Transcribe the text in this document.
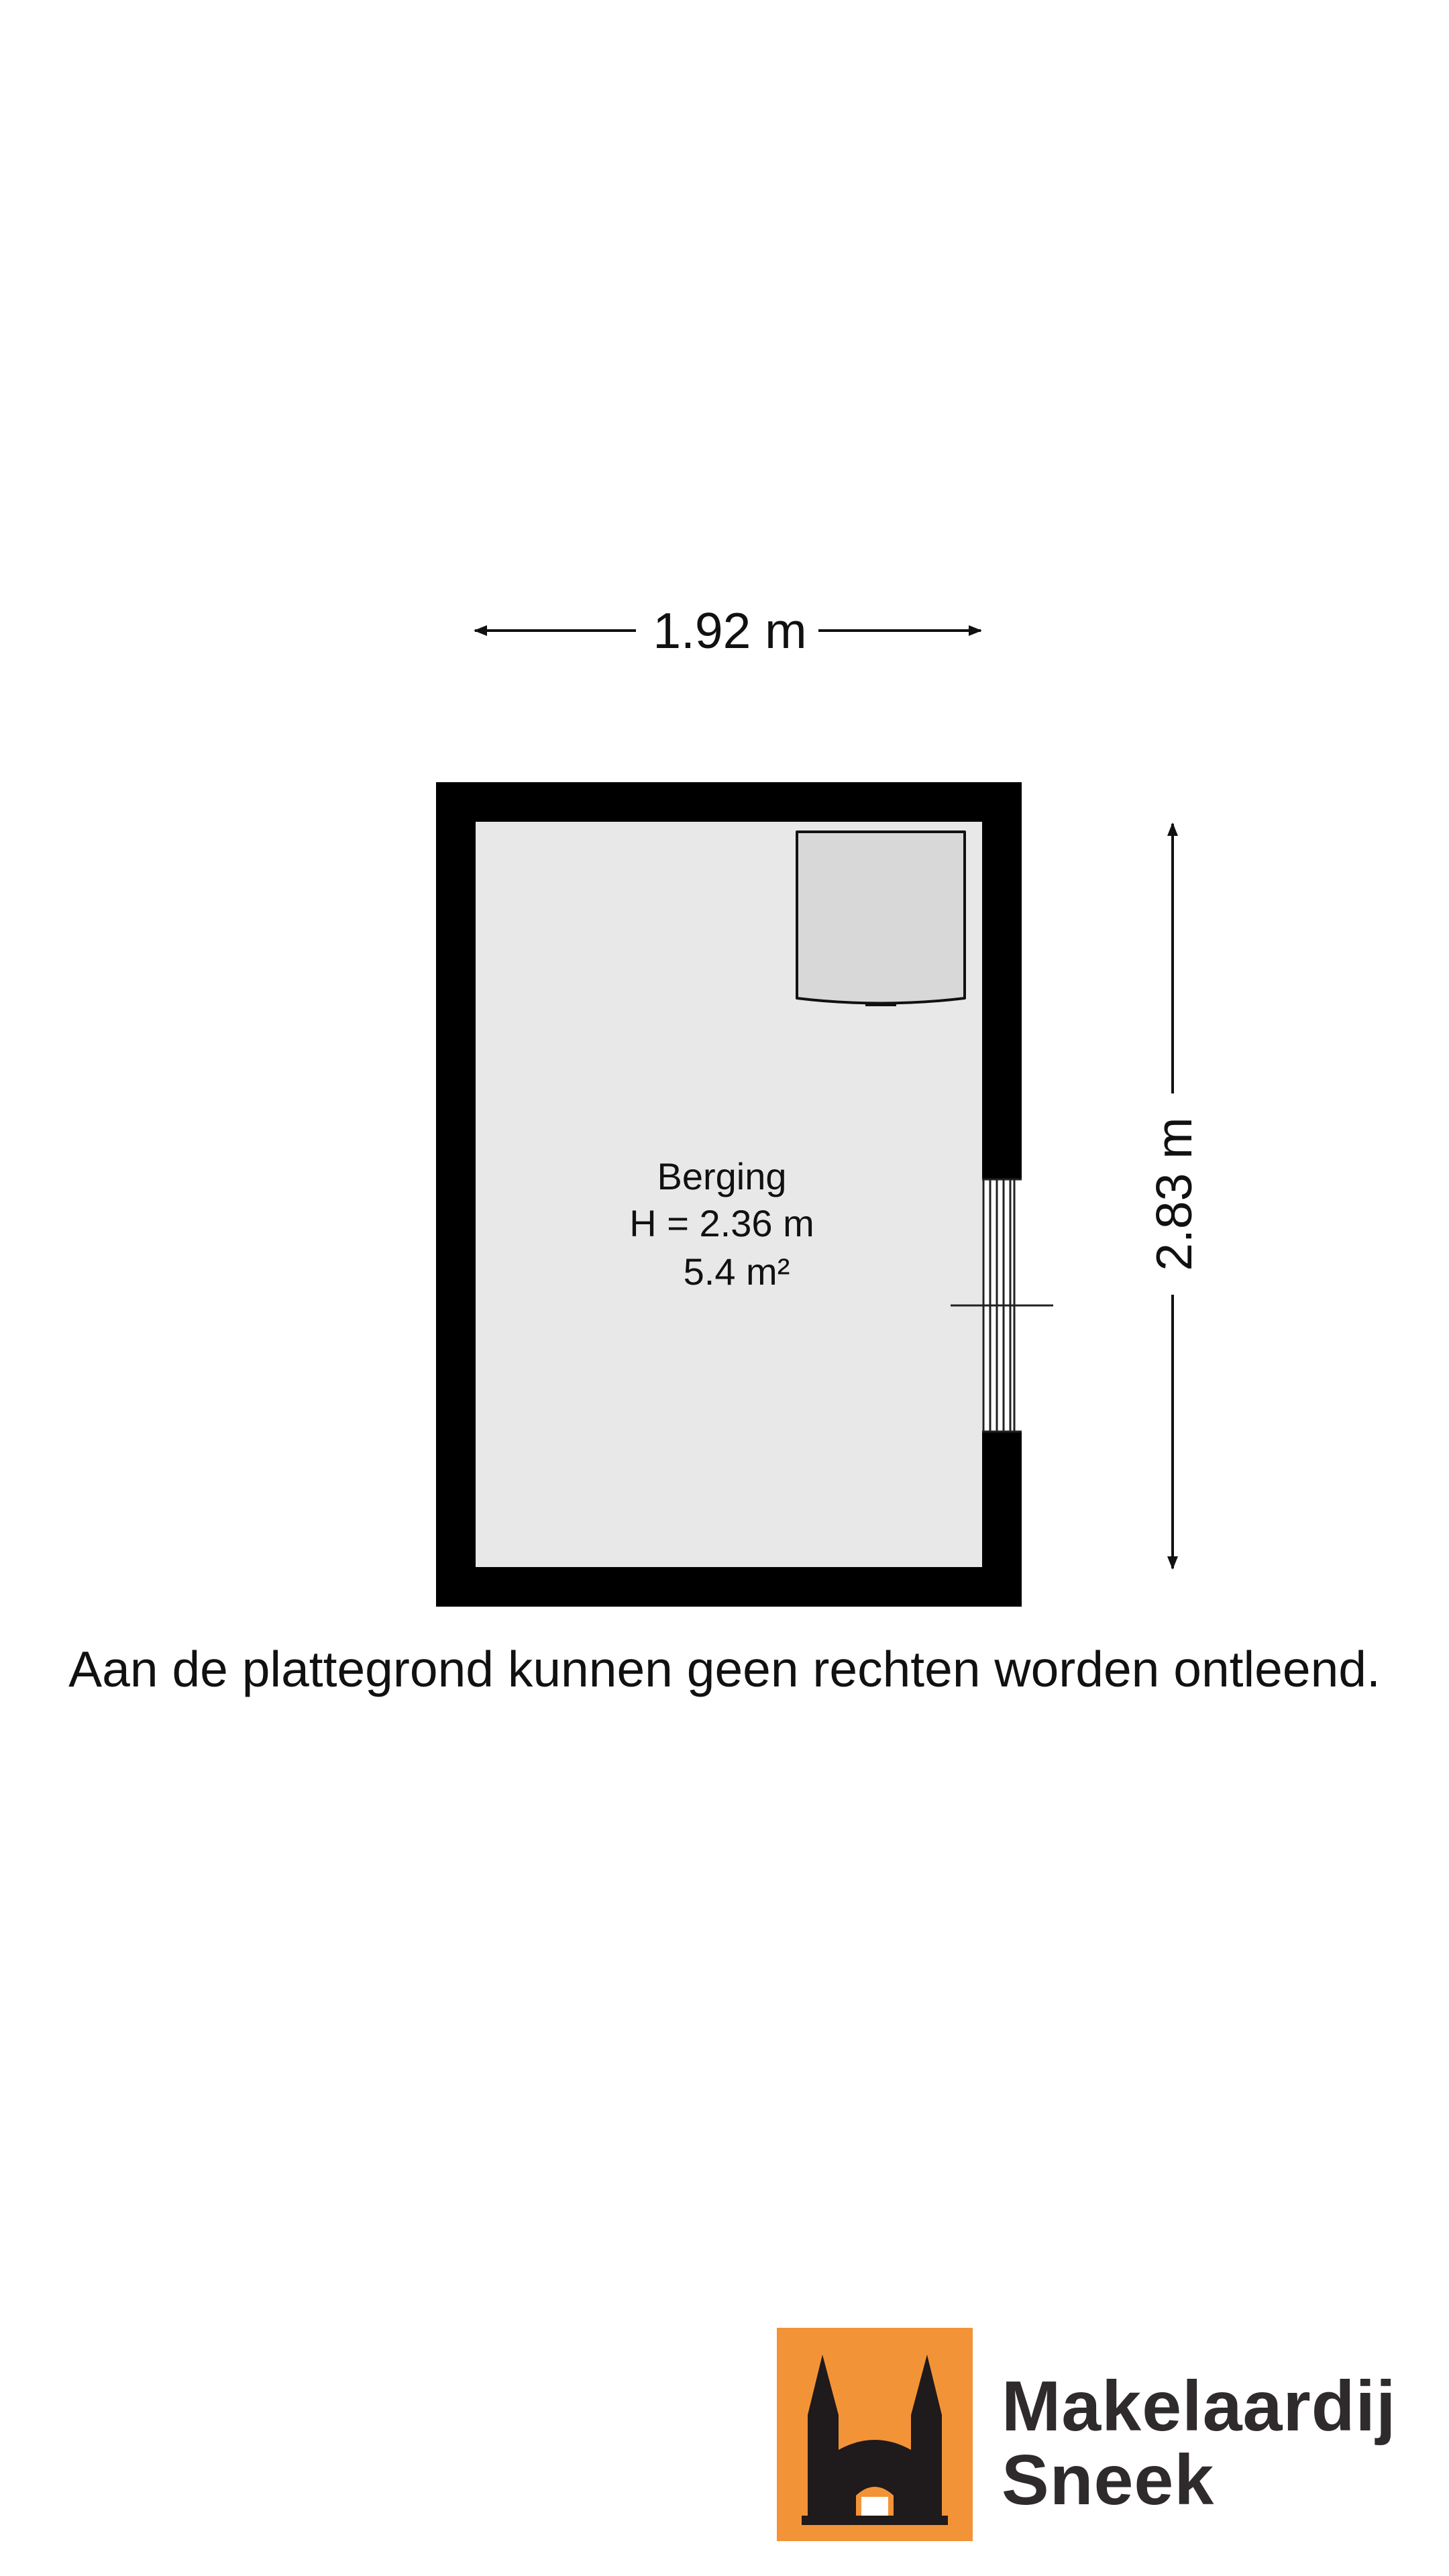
1.92 m
2.83 m
Berging
H = 2.36 m
5.4 m²
Aan de plattegrond kunnen geen rechten worden ontleend.
Makelaardij
Sneek
